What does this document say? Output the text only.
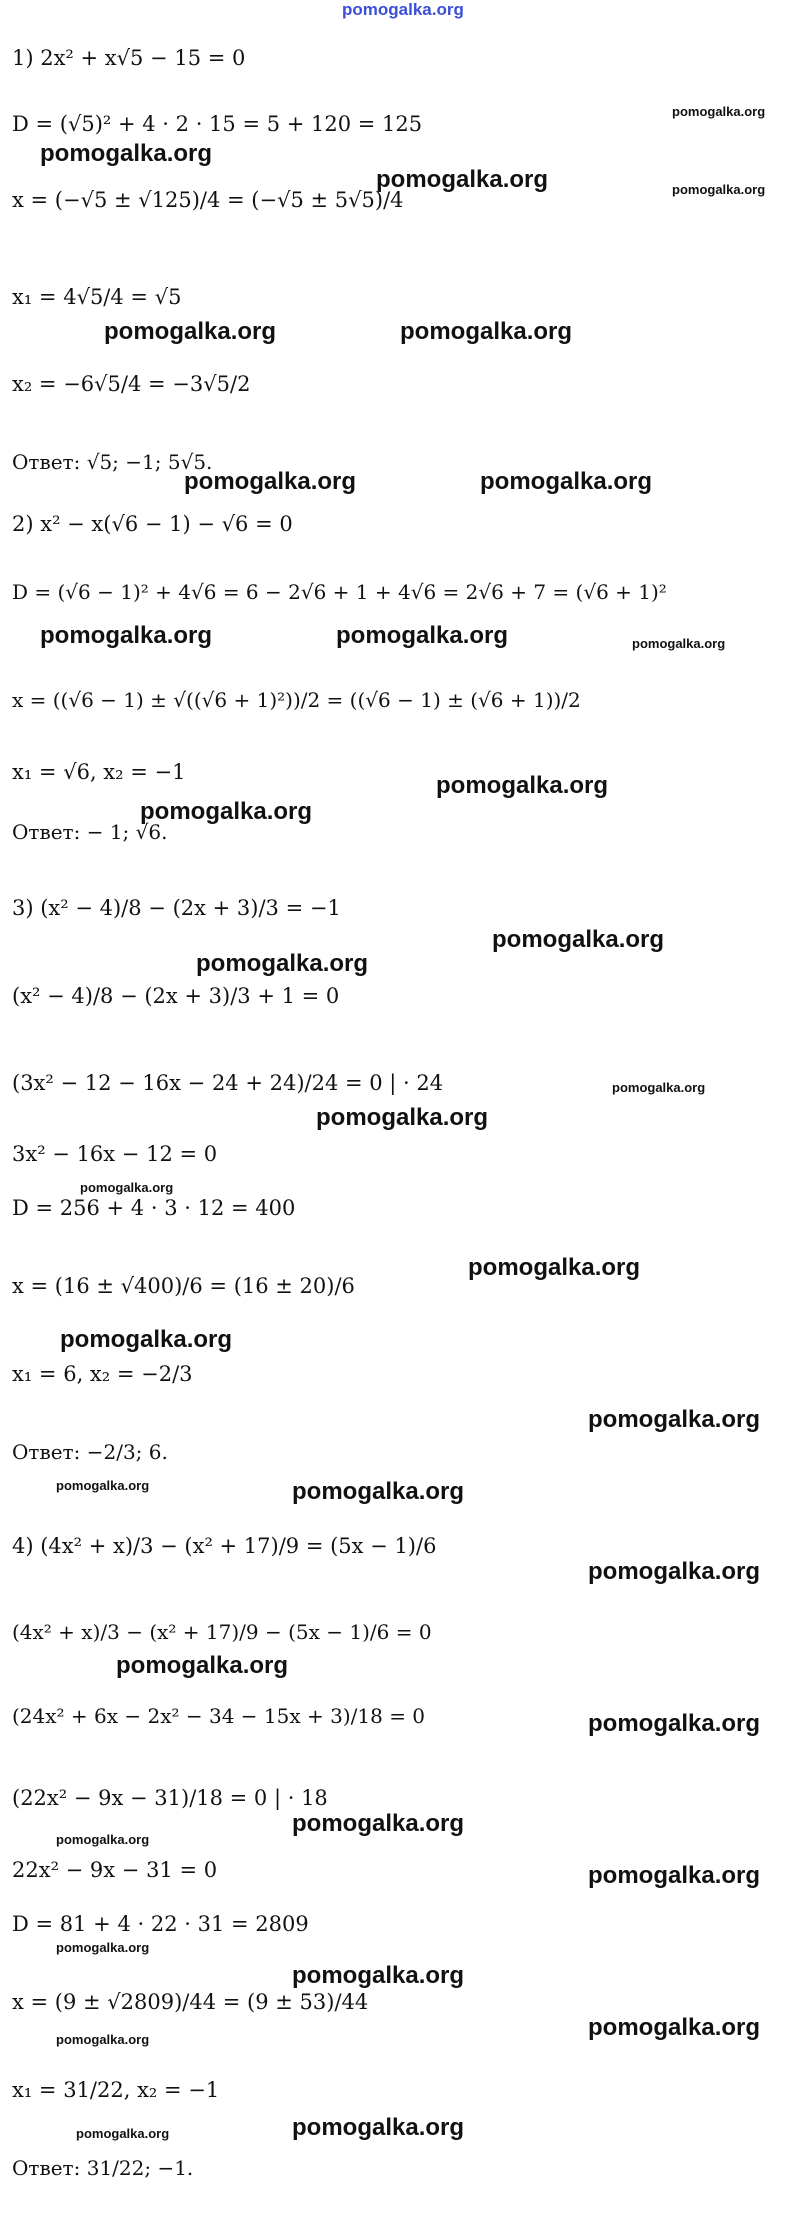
pomogalka.org
1) 2x² + x√5 − 15 = 0
D = (√5)² + 4 · 2 · 15 = 5 + 120 = 125
x = (−√5 ± √125)/4 = (−√5 ± 5√5)/4
x₁ = 4√5/4 = √5
x₂ = −6√5/4 = −3√5/2
Ответ: √5; −1; 5√5.
2) x² − x(√6 − 1) − √6 = 0
D = (√6 − 1)² + 4√6 = 6 − 2√6 + 1 + 4√6 = 2√6 + 7 = (√6 + 1)²
x = ((√6 − 1) ± √((√6 + 1)²))/2 = ((√6 − 1) ± (√6 + 1))/2
x₁ = √6, x₂ = −1
Ответ: − 1; √6.
3) (x² − 4)/8 − (2x + 3)/3 = −1
(x² − 4)/8 − (2x + 3)/3 + 1 = 0
(3x² − 12 − 16x − 24 + 24)/24 = 0 | · 24
3x² − 16x − 12 = 0
D = 256 + 4 · 3 · 12 = 400
x = (16 ± √400)/6 = (16 ± 20)/6
x₁ = 6, x₂ = −2/3
Ответ: −2/3; 6.
4) (4x² + x)/3 − (x² + 17)/9 = (5x − 1)/6
(4x² + x)/3 − (x² + 17)/9 − (5x − 1)/6 = 0
(24x² + 6x − 2x² − 34 − 15x + 3)/18 = 0
(22x² − 9x − 31)/18 = 0 | · 18
22x² − 9x − 31 = 0
D = 81 + 4 · 22 · 31 = 2809
x = (9 ± √2809)/44 = (9 ± 53)/44
x₁ = 31/22, x₂ = −1
Ответ: 31/22; −1.
pomogalka.org
pomogalka.org
pomogalka.org	pomogalka.org
pomogalka.org	pomogalka.org
pomogalka.org	pomogalka.org
pomogalka.org	pomogalka.org	pomogalka.org
pomogalka.org
pomogalka.org
pomogalka.org
pomogalka.org
pomogalka.org
pomogalka.org
pomogalka.org
pomogalka.org
pomogalka.org
pomogalka.org
pomogalka.org	pomogalka.org
pomogalka.org
pomogalka.org
pomogalka.org
pomogalka.org
pomogalka.org
pomogalka.org
pomogalka.org
pomogalka.org
pomogalka.org	pomogalka.org
pomogalka.org
pomogalka.org
